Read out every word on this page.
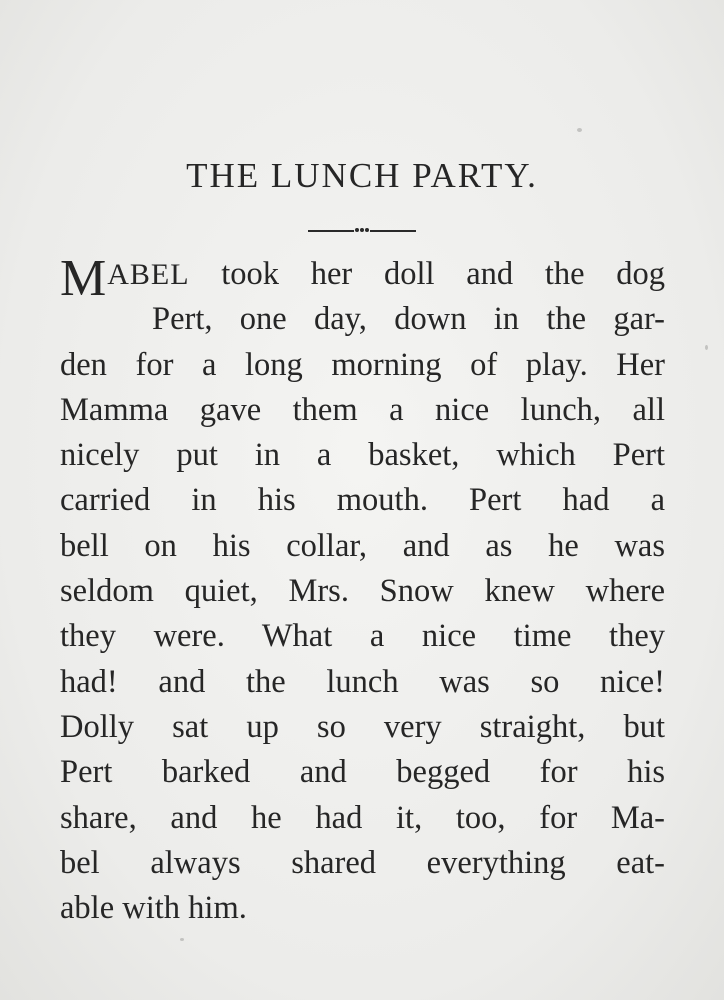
THE LUNCH PARTY.
MABEL took her doll and the dog
Pert, one day, down in the gar-
den for a long morning of play. Her
Mamma gave them a nice lunch, all
nicely put in a basket, which Pert
carried in his mouth. Pert had a
bell on his collar, and as he was
seldom quiet, Mrs. Snow knew where
they were. What a nice time they
had! and the lunch was so nice!
Dolly sat up so very straight, but
Pert barked and begged for his
share, and he had it, too, for Ma-
bel always shared everything eat-
able with him.
